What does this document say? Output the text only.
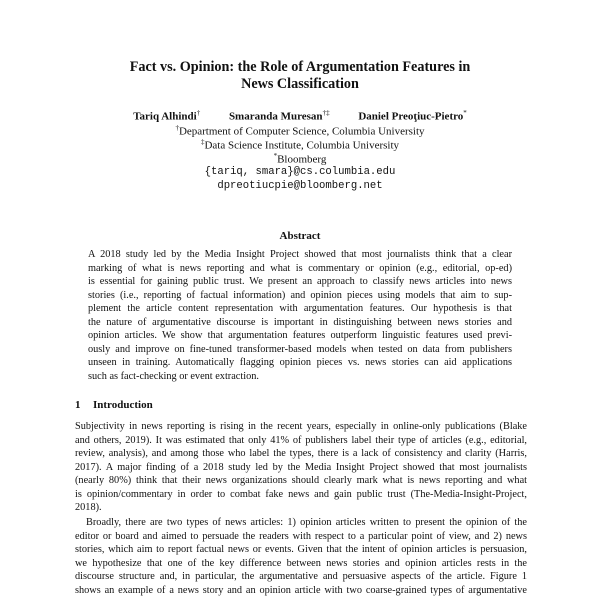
Fact vs. Opinion: the Role of Argumentation Features in
News Classification
Tariq Alhindi†	Smaranda Muresan†‡	Daniel Preoţiuc-Pietro*
†Department of Computer Science, Columbia University
‡Data Science Institute, Columbia University
*Bloomberg
{tariq, smara}@cs.columbia.edu
dpreotiucpie@bloomberg.net
Abstract
A 2018 study led by the Media Insight Project showed that most journalists think that a clear
marking of what is news reporting and what is commentary or opinion (e.g., editorial, op-ed)
is essential for gaining public trust. We present an approach to classify news articles into news
stories (i.e., reporting of factual information) and opinion pieces using models that aim to sup-
plement the article content representation with argumentation features. Our hypothesis is that
the nature of argumentative discourse is important in distinguishing between news stories and
opinion articles. We show that argumentation features outperform linguistic features used previ-
ously and improve on fine-tuned transformer-based models when tested on data from publishers
unseen in training. Automatically flagging opinion pieces vs. news stories can aid applications
such as fact-checking or event extraction.
1 Introduction
Subjectivity in news reporting is rising in the recent years, especially in online-only publications (Blake
and others, 2019). It was estimated that only 41% of publishers label their type of articles (e.g., editorial,
review, analysis), and among those who label the types, there is a lack of consistency and clarity (Harris,
2017). A major finding of a 2018 study led by the Media Insight Project showed that most journalists
(nearly 80%) think that their news organizations should clearly mark what is news reporting and what
is opinion/commentary in order to combat fake news and gain public trust (The-Media-Insight-Project,
2018).
Broadly, there are two types of news articles: 1) opinion articles written to present the opinion of the
editor or board and aimed to persuade the readers with respect to a particular point of view, and 2) news
stories, which aim to report factual news or events. Given that the intent of opinion articles is persuasion,
we hypothesize that one of the key difference between news stories and opinion articles rests in the
discourse structure and, in particular, the argumentative and persuasive aspects of the article. Figure 1
shows an example of a news story and an opinion article with two coarse-grained types of argumentative
